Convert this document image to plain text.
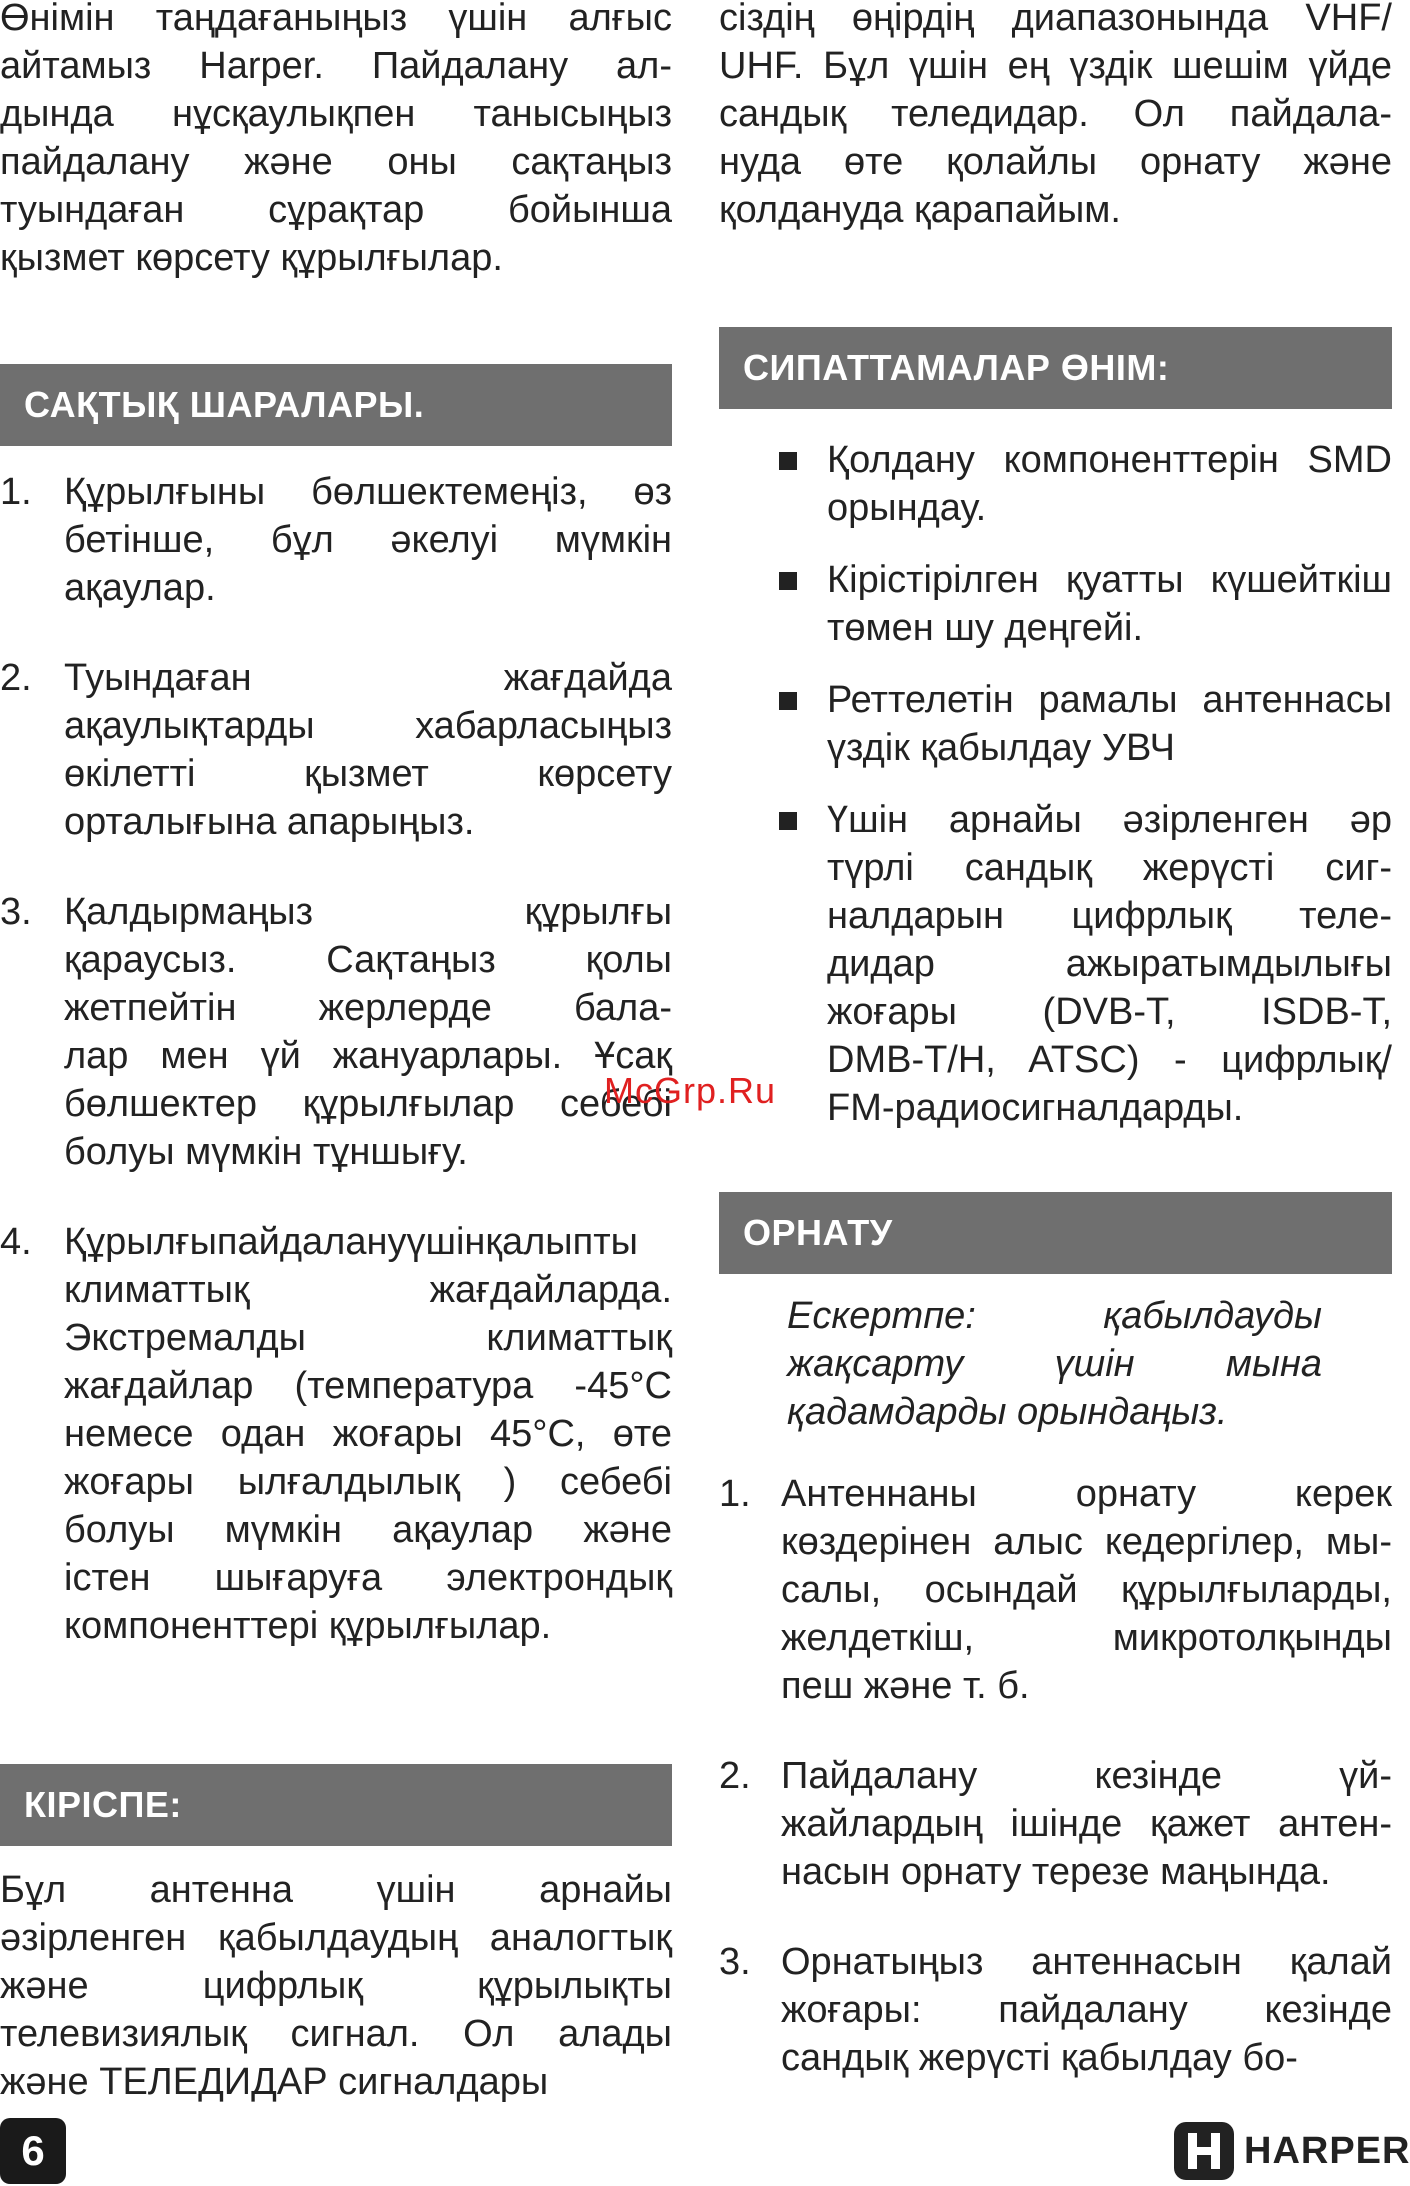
Өнімін таңдағаныңыз үшін алғыс
айтамыз Harper. Пайдалану ал-
дында нұсқаулықпен танысыңыз
пайдалану және оны сақтаңыз
туындаған сұрақтар бойынша
қызмет көрсету құрылғылар.
САҚТЫҚ ШАРАЛАРЫ.
1. Құрылғыны бөлшектемеңіз, өз
бетінше, бұл әкелуі мүмкін
ақаулар.
2. Туындаған жағдайда
ақаулықтарды хабарласыңыз
өкілетті қызмет көрсету
орталығына апарыңыз.
3. Қалдырмаңыз құрылғы
қараусыз. Сақтаңыз қолы
жетпейтін жерлерде бала-
лар мен үй жануарлары. Ұсақ
бөлшектер құрылғылар себебі
болуы мүмкін тұншығу.
4. Құрылғыпайдалануүшінқалыпты
климаттық жағдайларда.
Экстремалды климаттық
жағдайлар (температура -45°C
немесе одан жоғары 45°C, өте
жоғары ылғалдылық ) себебі
болуы мүмкін ақаулар және
істен шығаруға электрондық
компоненттері құрылғылар.
КІРІСПЕ:
Бұл антенна үшін арнайы
әзірленген қабылдаудың аналогтық
және цифрлық құрылықты
телевизиялық сигнал. Ол алады
және ТЕЛЕДИДАР сигналдары
сіздің өңірдің диапазонында VHF/
UHF. Бұл үшін ең үздік шешім үйде
сандық теледидар. Ол пайдала-
нуда өте қолайлы орнату және
қолдануда қарапайым.
СИПАТТАМАЛАР ӨНІМ:
Қолдану компоненттерін SMD
орындау.
Кірістірілген қуатты күшейткіш
төмен шу деңгейі.
Реттелетін рамалы антеннасы
үздік қабылдау УВЧ
Үшін арнайы әзірленген әр
түрлі сандық жерүсті сиг-
налдарын цифрлық теле-
дидар ажыратымдылығы
жоғары (DVB-T, ISDB-T,
DMB-T/H, ATSC) - цифрлық/
FM-радиосигналдарды.
ОРНАТУ
Ескертпе: қабылдауды
жақсарту үшін мына
қадамдарды орындаңыз.
1. Антеннаны орнату керек
көздерінен алыс кедергілер, мы-
салы, осындай құрылғыларды,
желдеткіш, микротолқынды
пеш және т. б.
2. Пайдалану кезінде үй-
жайлардың ішінде қажет антен-
насын орнату терезе маңында.
3. Орнатыңыз антеннасын қалай
жоғары: пайдалану кезінде
сандық жерүсті қабылдау бо-
McGrp.Ru
6	HARPER
